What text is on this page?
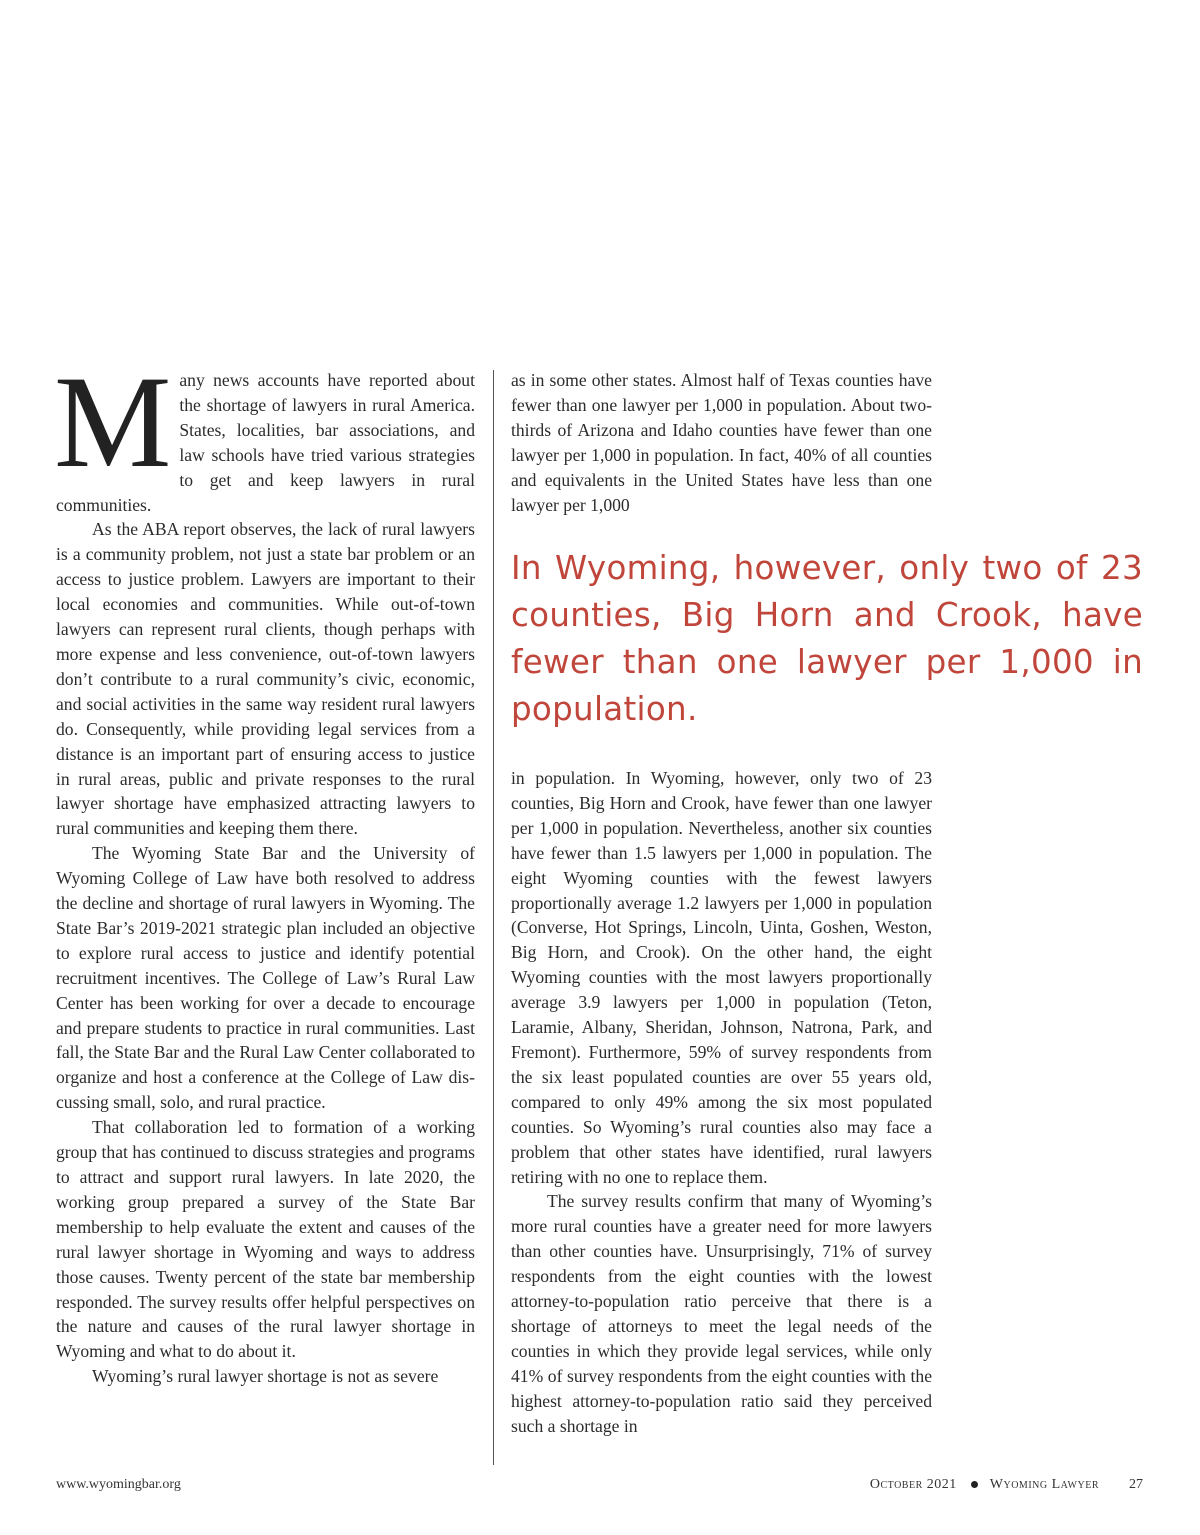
M any news accounts have reported about the shortage of lawyers in rural America. States, localities, bar associations, and law schools have tried various strategies to get and keep lawyers in rural communities.

As the ABA report observes, the lack of rural lawyers is a community problem, not just a state bar problem or an access to justice problem. Lawyers are important to their local economies and communities. While out-of-town lawyers can represent rural clients, though perhaps with more expense and less convenience, out-of-town lawyers don’t contribute to a rural community’s civic, economic, and social activities in the same way resident rural lawyers do. Consequently, while providing legal services from a distance is an important part of ensuring access to justice in rural areas, public and private responses to the rural lawyer shortage have emphasized attracting lawyers to rural communities and keeping them there.

The Wyoming State Bar and the University of Wyoming College of Law have both resolved to address the decline and shortage of rural lawyers in Wyoming. The State Bar’s 2019-2021 strategic plan included an objective to explore rural access to justice and identify potential recruitment incentives. The College of Law’s Rural Law Center has been working for over a decade to encourage and prepare students to practice in rural communities. Last fall, the State Bar and the Rural Law Center collaborated to organize and host a conference at the College of Law discussing small, solo, and rural practice.

That collaboration led to formation of a working group that has continued to discuss strategies and programs to attract and support rural lawyers. In late 2020, the working group prepared a survey of the State Bar membership to help evaluate the extent and causes of the rural lawyer shortage in Wyoming and ways to address those causes. Twenty percent of the state bar membership responded. The survey results offer helpful perspectives on the nature and causes of the rural lawyer shortage in Wyoming and what to do about it.

Wyoming’s rural lawyer shortage is not as severe

as in some other states. Almost half of Texas counties have fewer than one lawyer per 1,000 in population. About two-thirds of Arizona and Idaho counties have fewer than one lawyer per 1,000 in population. In fact, 40% of all counties and equivalents in the United States have less than one lawyer per 1,000

In Wyoming, however, only two of 23 counties, Big Horn and Crook, have fewer than one lawyer per 1,000 in population.

in population. In Wyoming, however, only two of 23 counties, Big Horn and Crook, have fewer than one lawyer per 1,000 in population. Nevertheless, another six counties have fewer than 1.5 lawyers per 1,000 in population. The eight Wyoming counties with the fewest lawyers proportionally average 1.2 lawyers per 1,000 in population (Converse, Hot Springs, Lincoln, Uinta, Goshen, Weston, Big Horn, and Crook). On the other hand, the eight Wyoming counties with the most lawyers proportionally average 3.9 lawyers per 1,000 in population (Teton, Laramie, Albany, Sheridan, Johnson, Natrona, Park, and Fremont). Furthermore, 59% of survey respondents from the six least populated counties are over 55 years old, compared to only 49% among the six most populated counties. So Wyoming’s rural counties also may face a problem that other states have identified, rural lawyers retiring with no one to replace them.

The survey results confirm that many of Wyoming’s more rural counties have a greater need for more lawyers than other counties have. Unsurprisingly, 71% of survey respondents from the eight counties with the lowest attorney-to-population ratio perceive that there is a shortage of attorneys to meet the legal needs of the counties in which they provide legal services, while only 41% of survey respondents from the eight counties with the highest attorney-to-population ratio said they perceived such a shortage in

www.wyomingbar.org	October 2021 Wyoming Lawyer 27
